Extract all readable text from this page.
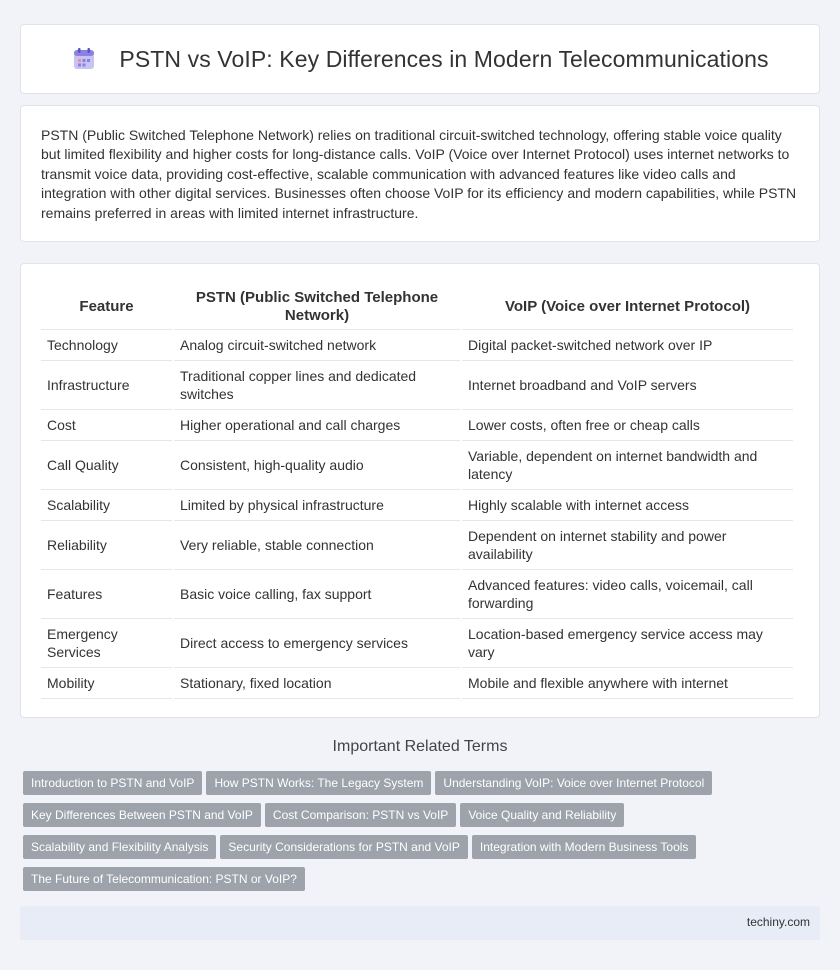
PSTN vs VoIP: Key Differences in Modern Telecommunications

PSTN (Public Switched Telephone Network) relies on traditional circuit-switched technology, offering stable voice quality but limited flexibility and higher costs for long-distance calls. VoIP (Voice over Internet Protocol) uses internet networks to transmit voice data, providing cost-effective, scalable communication with advanced features like video calls and integration with other digital services. Businesses often choose VoIP for its efficiency and modern capabilities, while PSTN remains preferred in areas with limited internet infrastructure.

Feature	PSTN (Public Switched Telephone Network)	VoIP (Voice over Internet Protocol)
Technology	Analog circuit-switched network	Digital packet-switched network over IP
Infrastructure	Traditional copper lines and dedicated switches	Internet broadband and VoIP servers
Cost	Higher operational and call charges	Lower costs, often free or cheap calls
Call Quality	Consistent, high-quality audio	Variable, dependent on internet bandwidth and latency
Scalability	Limited by physical infrastructure	Highly scalable with internet access
Reliability	Very reliable, stable connection	Dependent on internet stability and power availability
Features	Basic voice calling, fax support	Advanced features: video calls, voicemail, call forwarding
Emergency Services	Direct access to emergency services	Location-based emergency service access may vary
Mobility	Stationary, fixed location	Mobile and flexible anywhere with internet
Important Related Terms
Introduction to PSTN and VoIP How PSTN Works: The Legacy System Understanding VoIP: Voice over Internet ProtocolKey Differences Between PSTN and VoIP Cost Comparison: PSTN vs VoIP Voice Quality and ReliabilityScalability and Flexibility Analysis Security Considerations for PSTN and VoIP Integration with Modern Business ToolsThe Future of Telecommunication: PSTN or VoIP?
techiny.com
